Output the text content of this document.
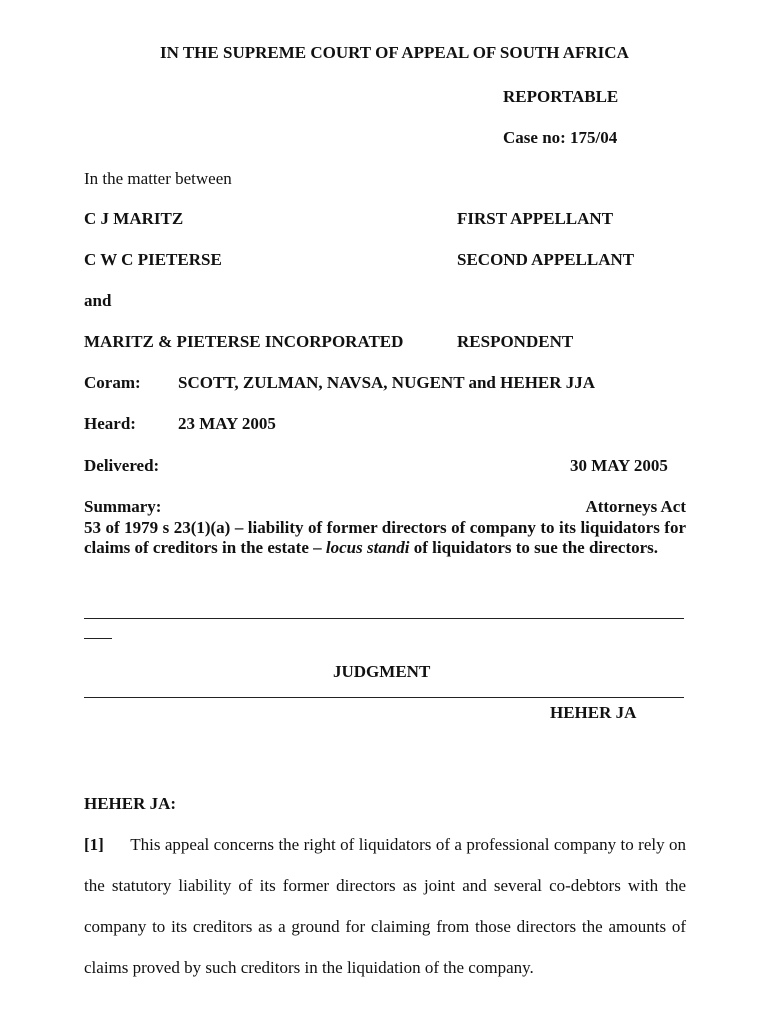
IN THE SUPREME COURT OF APPEAL OF SOUTH AFRICA
REPORTABLE
Case no: 175/04
In the matter between
C J MARITZ	FIRST APPELLANT
C W C PIETERSE	SECOND APPELLANT
and
MARITZ & PIETERSE INCORPORATED	RESPONDENT
Coram: SCOTT, ZULMAN, NAVSA, NUGENT and HEHER JJA
Heard: 23 MAY 2005
Delivered:	30 MAY 2005
Summary:	Attorneys Act
53 of 1979 s 23(1)(a) – liability of former directors of company to its liquidators for claims of creditors in the estate – locus standi of liquidators to sue the directors.
JUDGMENT
HEHER JA
HEHER JA:
[1] This appeal concerns the right of liquidators of a professional company to rely on the statutory liability of its former directors as joint and several co-debtors with the company to its creditors as a ground for claiming from those directors the amounts of claims proved by such creditors in the liquidation of the company.
